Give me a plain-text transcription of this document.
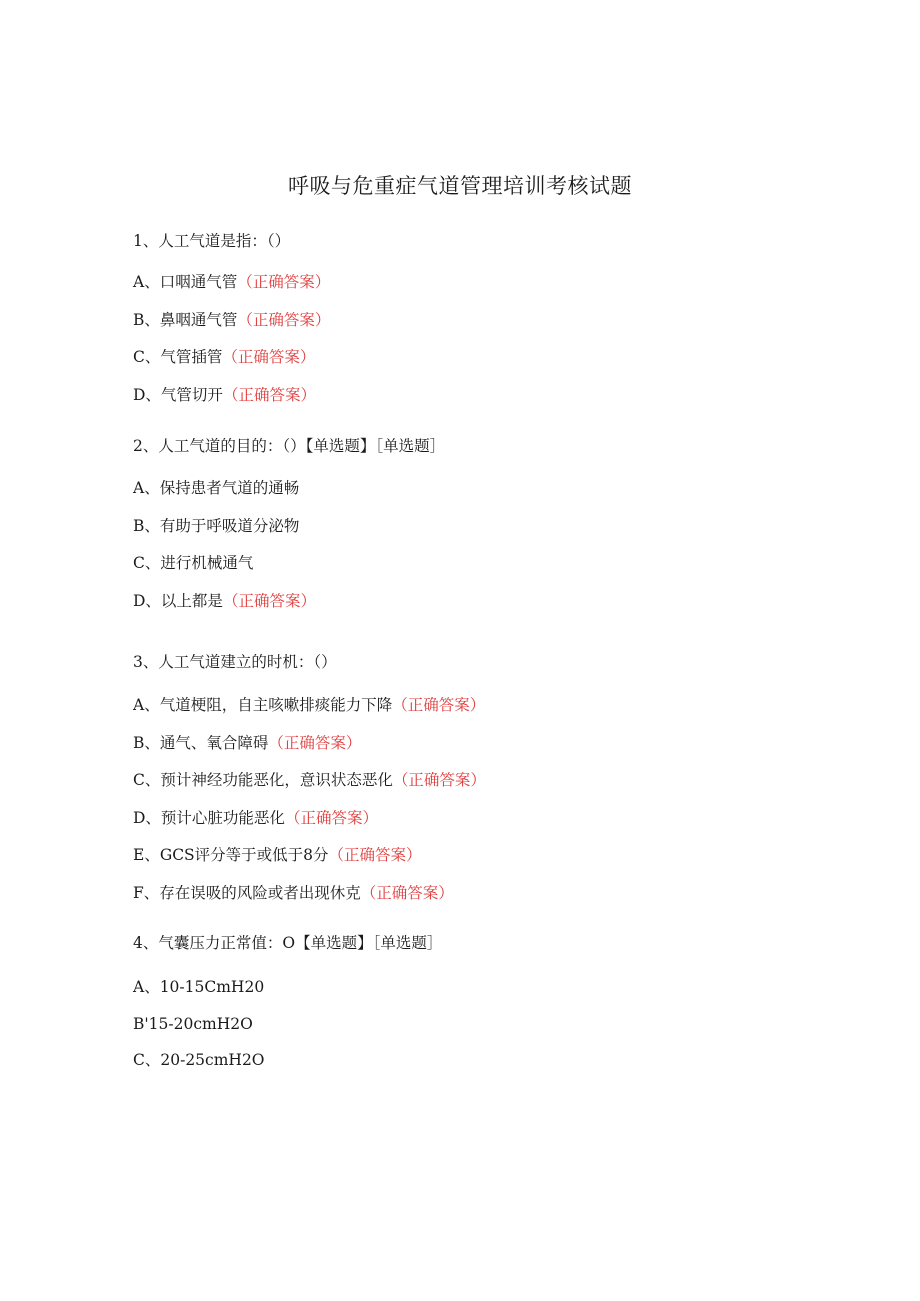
呼吸与危重症气道管理培训考核试题
1、人工气道是指：（）
A、口咽通气管（正确答案）
B、鼻咽通气管（正确答案）
C、气管插管（正确答案）
D、气管切开（正确答案）
2、人工气道的目的：（）【单选题】［单选题］
A、保持患者气道的通畅
B、有助于呼吸道分泌物
C、进行机械通气
D、以上都是（正确答案）
3、人工气道建立的时机：（）
A、气道梗阻，自主咳嗽排痰能力下降（正确答案）
B、通气、氧合障碍（正确答案）
C、预计神经功能恶化，意识状态恶化（正确答案）
D、预计心脏功能恶化（正确答案）
E、GCS评分等于或低于8分（正确答案）
F、存在误吸的风险或者出现休克（正确答案）
4、气囊压力正常值：O【单选题】［单选题］
A、10-15CmH20
B'15-20cmH2O
C、20-25cmH2O
